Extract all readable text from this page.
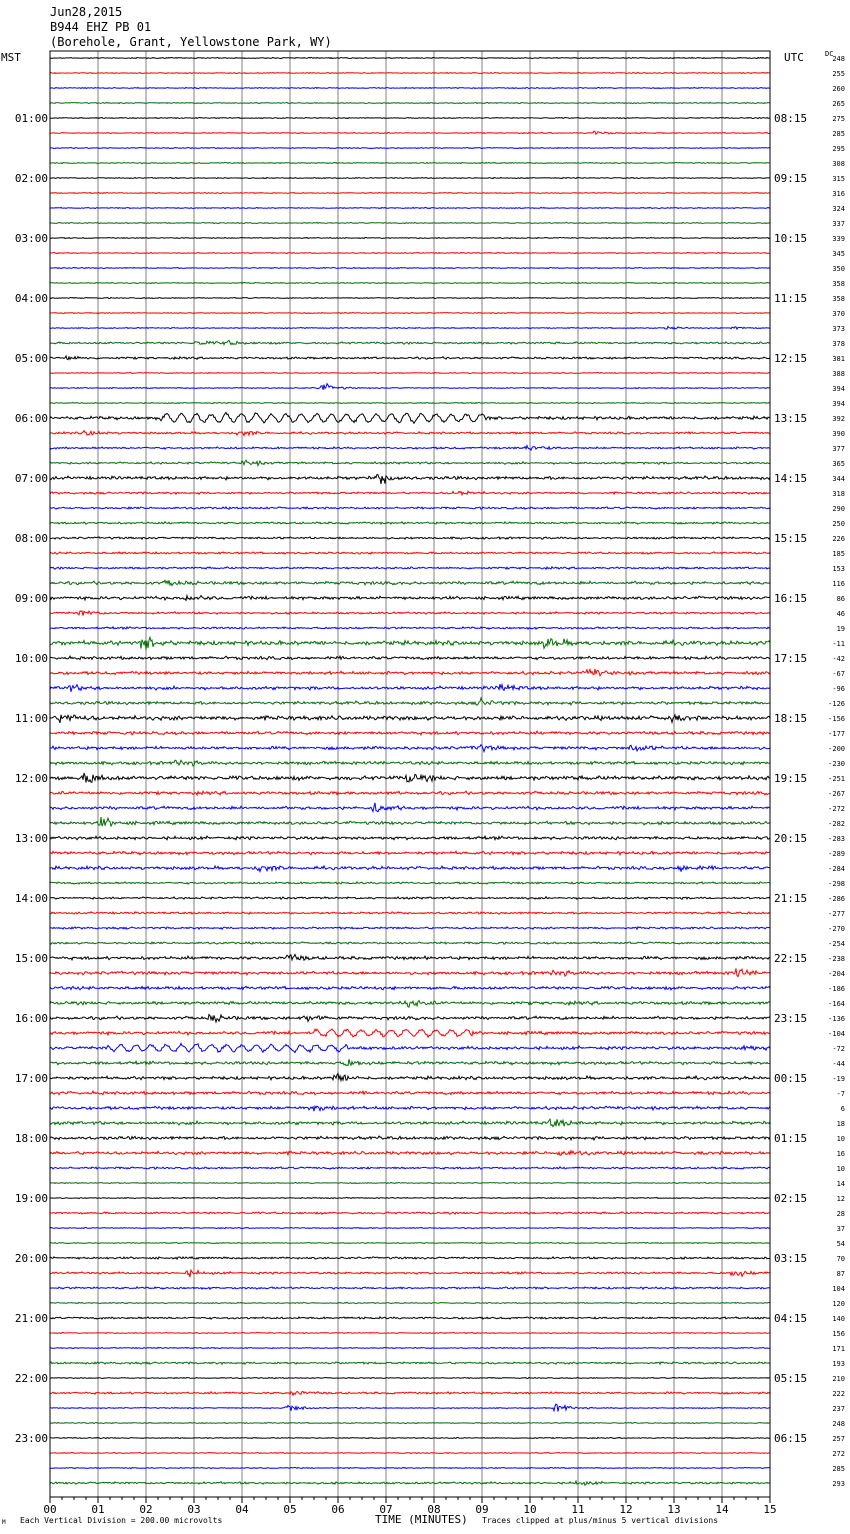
Jun28,2015
B944 EHZ PB 01
(Borehole, Grant, Yellowstone Park, WY)
MST	UTC	DC
01:00
02:00
03:00
04:00
05:00
06:00
07:00
08:00
09:00
10:00
11:00
12:00
13:00
14:00
15:00
16:00
17:00
18:00
19:00
20:00
21:00
22:00
23:00
08:15
09:15
10:15
11:15
12:15
13:15
14:15
15:15
16:15
17:15
18:15
19:15
20:15
21:15
22:15
23:15
00:15
01:15
02:15
03:15
04:15
05:15
06:15
248
255
260
265
275
285
295
308
315
316
324
337
339
345
350
358
358
370
373
378
381
388
394
394
392
390
377
365
344
318
290
250
226
185
153
116
86
46
19
-11
-42
-67
-96
-126
-156
-177
-200
-230
-251
-267
-272
-282
-283
-289
-284
-298
-286
-277
-270
-254
-238
-204
-186
-164
-136
-104
-72
-44
-19
-7
6
18
10
16
10
14
12
28
37
54
70
87
104
120
140
156
171
193
210
222
237
248
257
272
285
293
00	01	02	03	04	05	06	07	08	09	10	11	12	13	14	15
M Each Vertical Division = 200.00 microvolts	TIME (MINUTES) Traces clipped at plus/minus 5 vertical divisions
